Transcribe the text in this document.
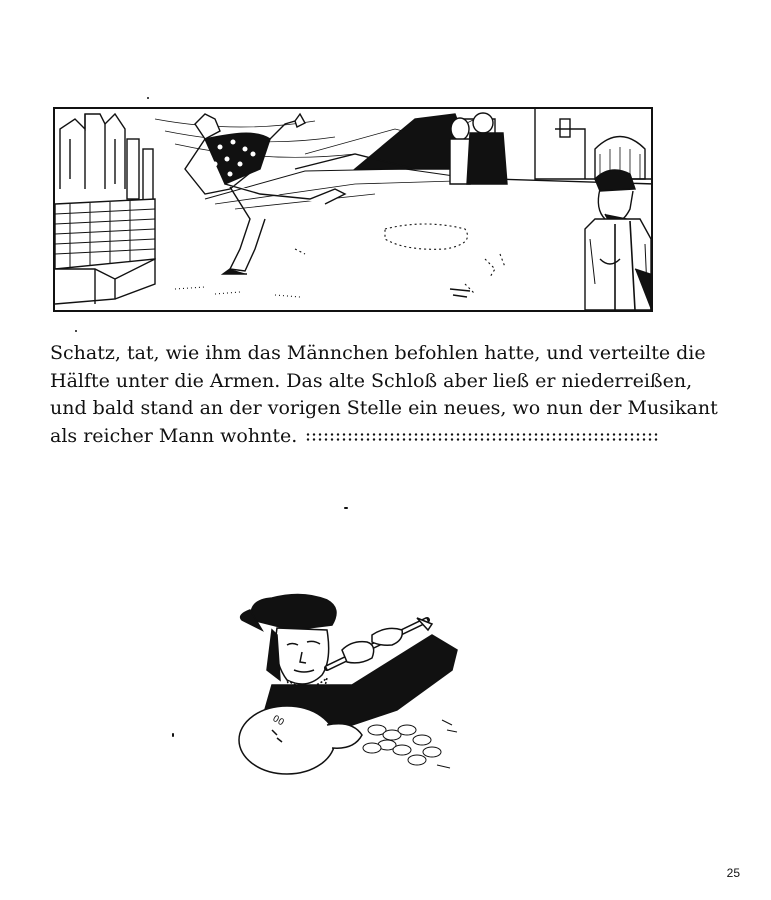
Schatz, tat, wie ihm das Männchen befohlen hatte, und verteilte die
Hälfte unter die Armen. Das alte Schloß aber ließ er niederreißen,
und bald stand an der vorigen Stelle ein neues, wo nun der Musikant
als reicher Mann wohnte.
00
25
